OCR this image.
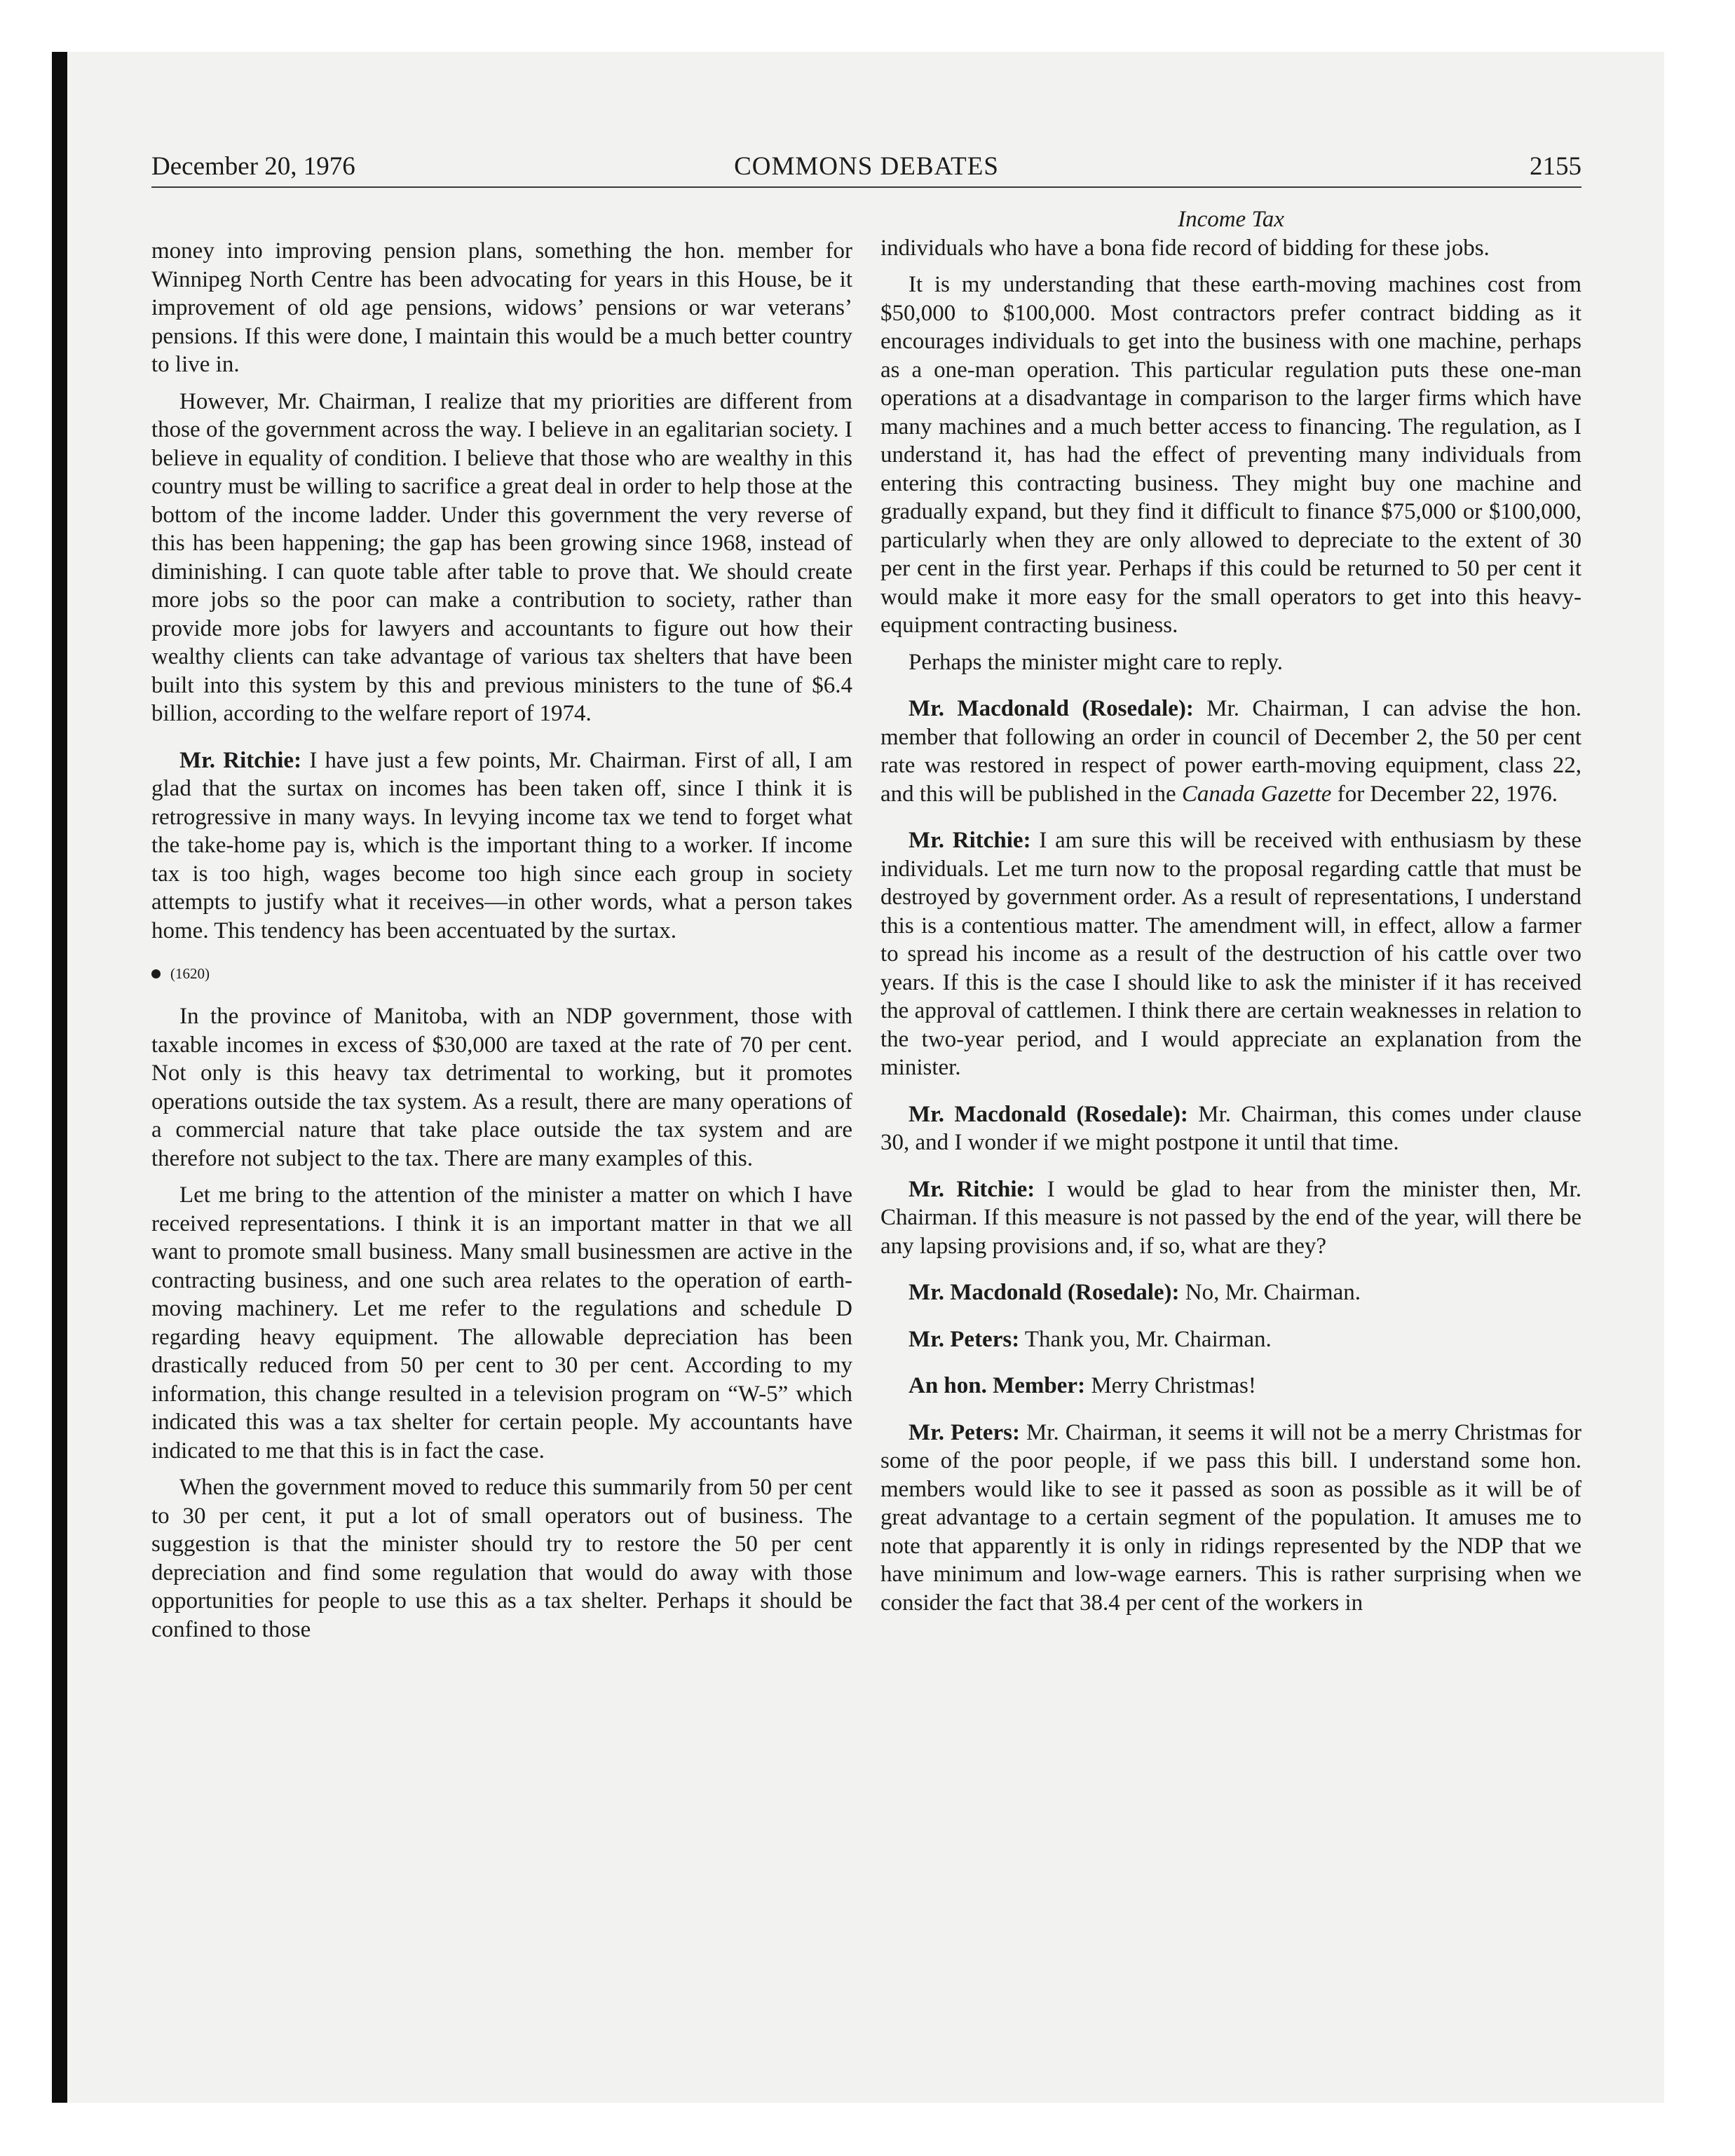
December 20, 1976	COMMONS DEBATES	2155

money into improving pension plans, something the hon. member for Winnipeg North Centre has been advocating for years in this House, be it improvement of old age pensions, widows’ pensions or war veterans’ pensions. If this were done, I maintain this would be a much better country to live in.

However, Mr. Chairman, I realize that my priorities are different from those of the government across the way. I believe in an egalitarian society. I believe in equality of condition. I believe that those who are wealthy in this country must be willing to sacrifice a great deal in order to help those at the bottom of the income ladder. Under this government the very reverse of this has been happening; the gap has been growing since 1968, instead of diminishing. I can quote table after table to prove that. We should create more jobs so the poor can make a contribution to society, rather than provide more jobs for lawyers and accountants to figure out how their wealthy clients can take advantage of various tax shelters that have been built into this system by this and previous ministers to the tune of $6.4 billion, according to the welfare report of 1974.

Mr. Ritchie: I have just a few points, Mr. Chairman. First of all, I am glad that the surtax on incomes has been taken off, since I think it is retrogressive in many ways. In levying income tax we tend to forget what the take-home pay is, which is the important thing to a worker. If income tax is too high, wages become too high since each group in society attempts to justify what it receives—in other words, what a person takes home. This tendency has been accentuated by the surtax.

(1620)

In the province of Manitoba, with an NDP government, those with taxable incomes in excess of $30,000 are taxed at the rate of 70 per cent. Not only is this heavy tax detrimental to working, but it promotes operations outside the tax system. As a result, there are many operations of a commercial nature that take place outside the tax system and are therefore not subject to the tax. There are many examples of this.

Let me bring to the attention of the minister a matter on which I have received representations. I think it is an important matter in that we all want to promote small business. Many small businessmen are active in the contracting business, and one such area relates to the operation of earth-moving machinery. Let me refer to the regulations and schedule D regarding heavy equipment. The allowable depreciation has been drastically reduced from 50 per cent to 30 per cent. According to my information, this change resulted in a television program on “W-5” which indicated this was a tax shelter for certain people. My accountants have indicated to me that this is in fact the case.

When the government moved to reduce this summarily from 50 per cent to 30 per cent, it put a lot of small operators out of business. The suggestion is that the minister should try to restore the 50 per cent depreciation and find some regulation that would do away with those opportunities for people to use this as a tax shelter. Perhaps it should be confined to those

Income Tax

individuals who have a bona fide record of bidding for these jobs.

It is my understanding that these earth-moving machines cost from $50,000 to $100,000. Most contractors prefer contract bidding as it encourages individuals to get into the business with one machine, perhaps as a one-man operation. This particular regulation puts these one-man operations at a disadvantage in comparison to the larger firms which have many machines and a much better access to financing. The regulation, as I understand it, has had the effect of preventing many individuals from entering this contracting business. They might buy one machine and gradually expand, but they find it difficult to finance $75,000 or $100,000, particularly when they are only allowed to depreciate to the extent of 30 per cent in the first year. Perhaps if this could be returned to 50 per cent it would make it more easy for the small operators to get into this heavy-equipment contracting business.

Perhaps the minister might care to reply.

Mr. Macdonald (Rosedale): Mr. Chairman, I can advise the hon. member that following an order in council of December 2, the 50 per cent rate was restored in respect of power earth-moving equipment, class 22, and this will be published in the Canada Gazette for December 22, 1976.

Mr. Ritchie: I am sure this will be received with enthusiasm by these individuals. Let me turn now to the proposal regarding cattle that must be destroyed by government order. As a result of representations, I understand this is a contentious matter. The amendment will, in effect, allow a farmer to spread his income as a result of the destruction of his cattle over two years. If this is the case I should like to ask the minister if it has received the approval of cattlemen. I think there are certain weaknesses in relation to the two-year period, and I would appreciate an explanation from the minister.

Mr. Macdonald (Rosedale): Mr. Chairman, this comes under clause 30, and I wonder if we might postpone it until that time.

Mr. Ritchie: I would be glad to hear from the minister then, Mr. Chairman. If this measure is not passed by the end of the year, will there be any lapsing provisions and, if so, what are they?

Mr. Macdonald (Rosedale): No, Mr. Chairman.

Mr. Peters: Thank you, Mr. Chairman.

An hon. Member: Merry Christmas!

Mr. Peters: Mr. Chairman, it seems it will not be a merry Christmas for some of the poor people, if we pass this bill. I understand some hon. members would like to see it passed as soon as possible as it will be of great advantage to a certain segment of the population. It amuses me to note that apparently it is only in ridings represented by the NDP that we have minimum and low-wage earners. This is rather surprising when we consider the fact that 38.4 per cent of the workers in
